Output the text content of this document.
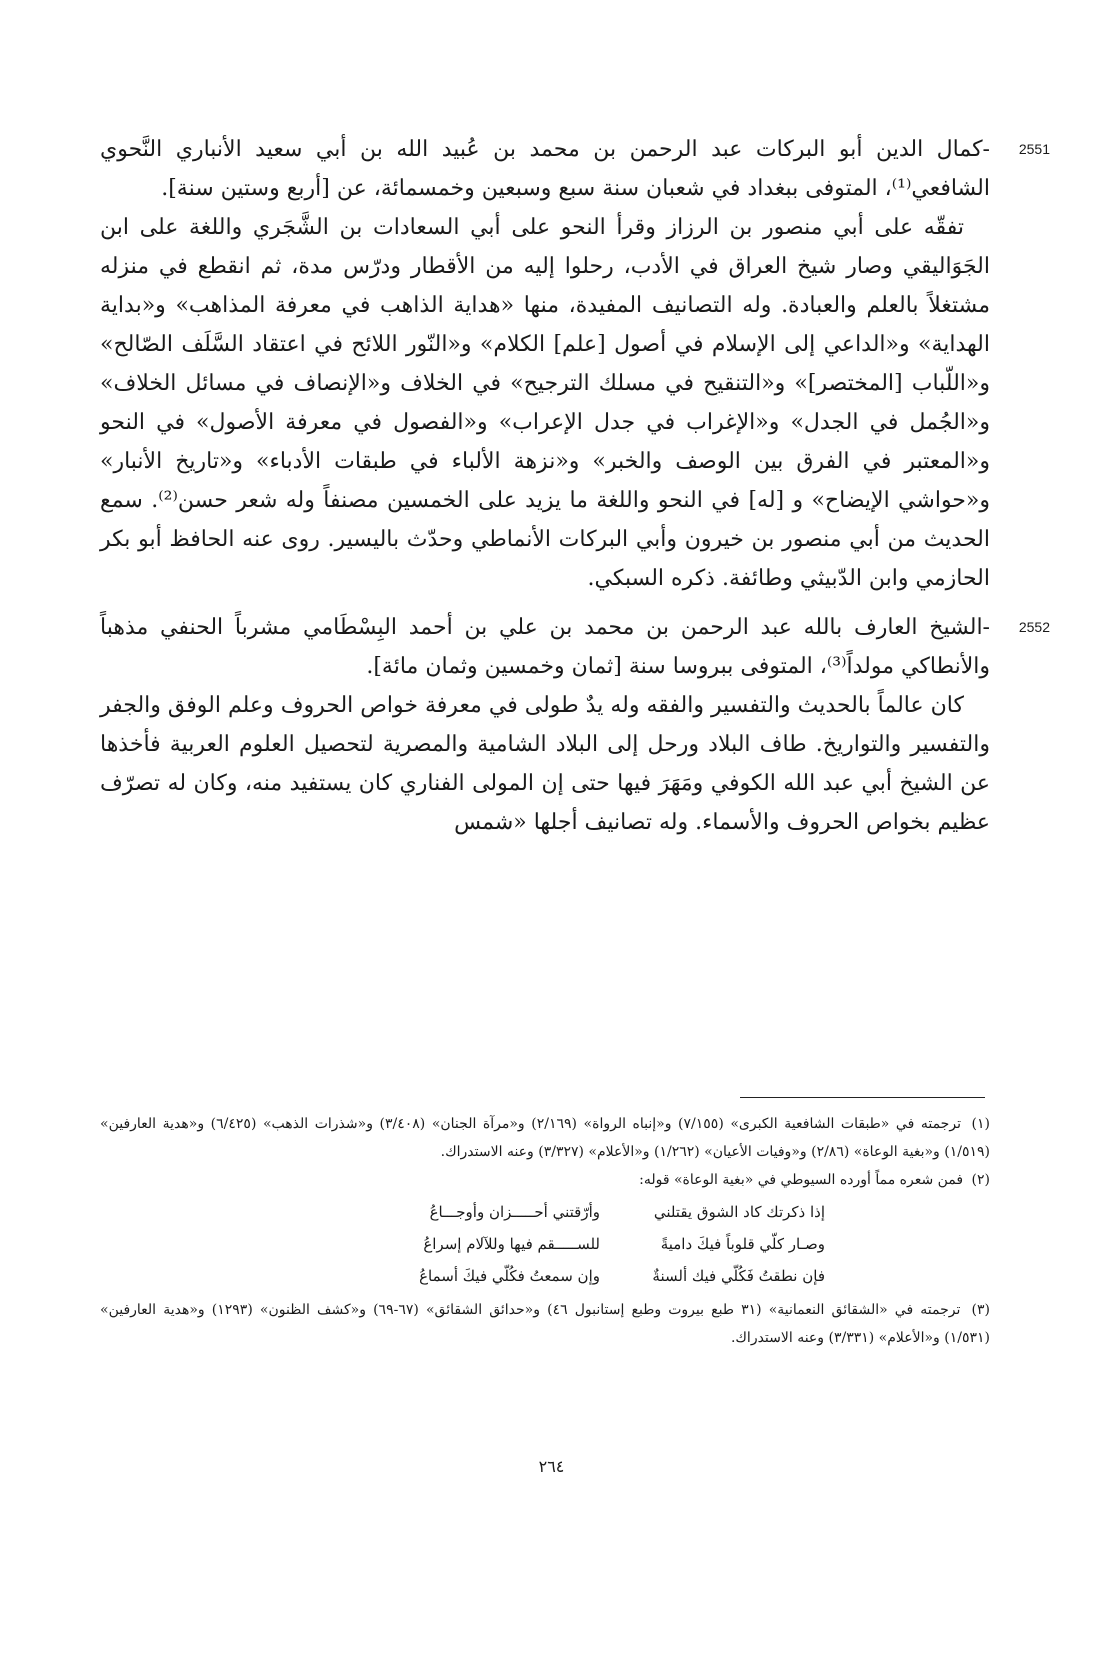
2551

-كمال الدين أبو البركات عبد الرحمن بن محمد بن عُبيد الله بن أبي سعيد الأنباري النَّحوي الشافعي⁽¹⁾، المتوفى ببغداد في شعبان سنة سبع وسبعين وخمسمائة، عن [أربع وستين سنة].

تفقّه على أبي منصور بن الرزاز وقرأ النحو على أبي السعادات بن الشَّجَري واللغة على ابن الجَوَاليقي وصار شيخ العراق في الأدب، رحلوا إليه من الأقطار ودرّس مدة، ثم انقطع في منزله مشتغلاً بالعلم والعبادة. وله التصانيف المفيدة، منها «هداية الذاهب في معرفة المذاهب» و«بداية الهداية» و«الداعي إلى الإسلام في أصول [علم] الكلام» و«النّور اللائح في اعتقاد السَّلَف الصّالح» و«اللّباب [المختصر]» و«التنقيح في مسلك الترجيح» في الخلاف و«الإنصاف في مسائل الخلاف» و«الجُمل في الجدل» و«الإغراب في جدل الإعراب» و«الفصول في معرفة الأصول» في النحو و«المعتبر في الفرق بين الوصف والخبر» و«نزهة الألباء في طبقات الأدباء» و«تاريخ الأنبار» و«حواشي الإيضاح» و [له] في النحو واللغة ما يزيد على الخمسين مصنفاً وله شعر حسن⁽²⁾. سمع الحديث من أبي منصور بن خيرون وأبي البركات الأنماطي وحدّث باليسير. روى عنه الحافظ أبو بكر الحازمي وابن الدّبيثي وطائفة. ذكره السبكي.

2552

-الشيخ العارف بالله عبد الرحمن بن محمد بن علي بن أحمد البِسْطَامي مشرباً الحنفي مذهباً والأنطاكي مولداً⁽³⁾، المتوفى ببروسا سنة [ثمان وخمسين وثمان مائة].

كان عالماً بالحديث والتفسير والفقه وله يدٌ طولى في معرفة خواص الحروف وعلم الوفق والجفر والتفسير والتواريخ. طاف البلاد ورحل إلى البلاد الشامية والمصرية لتحصيل العلوم العربية فأخذها عن الشيخ أبي عبد الله الكوفي ومَهَرَ فيها حتى إن المولى الفناري كان يستفيد منه، وكان له تصرّف عظيم بخواص الحروف والأسماء. وله تصانيف أجلها «شمس

(١) ترجمته في «طبقات الشافعية الكبرى» (٧/١٥٥) و«إنباه الرواة» (٢/١٦٩) و«مرآة الجنان» (٣/٤٠٨) و«شذرات الذهب» (٦/٤٢٥) و«هدية العارفين» (١/٥١٩) و«بغية الوعاة» (٢/٨٦) و«وفيات الأعيان» (١/٢٦٢) و«الأعلام» (٣/٣٢٧) وعنه الاستدراك.

(٢) فمن شعره مماً أورده السيوطي في «بغية الوعاة» قوله:

إذا ذكرتك كاد الشوق يقتلني
وأرّقتني أحـــــزان وأوجـــاعُ
وصـار كلّي قلوباً فيكَ داميةً
للســـــقم فيها وللآلام إسراعُ
فإن نطقتُ فَكُلّي فيك ألسنةٌ
وإن سمعتُ فكُلّي فيكَ أسماعُ

(٣) ترجمته في «الشقائق النعمانية» (٣١ طبع بيروت وطبع إستانبول ٤٦) و«حدائق الشقائق» (٦٧-٦٩) و«كشف الظنون» (١٢٩٣) و«هدية العارفين» (١/٥٣١) و«الأعلام» (٣/٣٣١) وعنه الاستدراك.

٢٦٤
